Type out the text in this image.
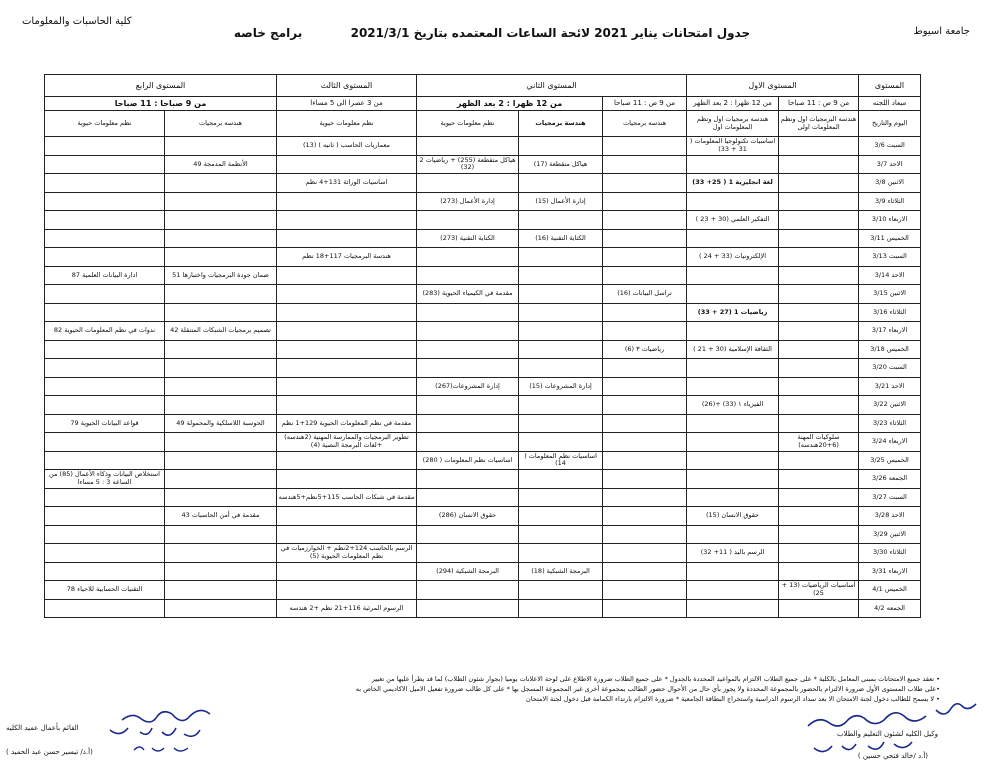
جامعة اسيوط
كلية الحاسبات والمعلومات
جدول امتحانات يناير 2021 لائحة الساعات المعتمده بتاريخ 2021/3/1  برامج خاصه
المستوى	المستوى الاول		المستوى الثاني			المستوى الثالث	المستوى الرابع	
ميعاد اللجنه	من 9 ص : 11 صباحا	من 12 ظهرا : 2 بعد الظهر	من 9 ص : 11 صباحا	من 12 ظهرا : 2 بعد الظهر		من 3 عصرا الى 5 مساءا	من 9 صباحا : 11 صباحا	
اليوم والتاريخ	هندسه البرمجيات اول ونظم المعلومات اولى	هندسه برمجيات اول ونظم المعلومات اول	هندسه برمجيات	هندسة برمجيات	نظم معلومات حيوية	نظم معلومات حيوية	هندسه برمجيات	نظم معلومات حيوية
السبت 3/6		اساسيات تكنولوجيا المعلومات ( 31 + 33)				معماريات الحاسب ( ثانيه ) (13)		
الاحد 3/7				هياكل متقطعة (17)	هياكل متقطعة (255) + رياضيات 2 (32)		الأنظمة المدمجة 49	
الاثنين 3/8		لغة انجليزية 1 ( 25+ 33)				اساسيات الوراثة 131+4 نظم		
الثلاثاء 3/9				إدارة الأعمال (15)	إدارة الأعمال (273)			
الاربعاء 3/10		التفكير العلمي (30 + 23 )						
الخميس 3/11				الكتابة التقنية (16)	الكتابة التقنية (273)			
السبت 3/13		الإلكترونيات (33 + 24 )				هندسة البرمجيات 117+18 نظم		
الاحد 3/14							ضمان جودة البرمجيات واختبارها 51	ادارة البيانات العلمية 87
الاثنين 3/15			تراسل البيانات (16)		مقدمة في الكيمياء الحيوية (283)			
الثلاثاء 3/16		رياضيات 1 (27 + 33)						
الاربعاء 3/17							تصميم برمجيات الشبكات المتنقلة 42	ندوات في نظم المعلومات الحيوية 82
الخميس 3/18		الثقافة الإسلامية (30 + 21 )	رياضيات ٣ (6)					
السبت 3/20								
الاحد 3/21				إدارة المشروعات (15)	إدارة المشروعات(267)			
الاثنين 3/22		الفيزياء ١ (33) +(26)						
الثلاثاء 3/23						مقدمة في نظم المعلومات الحيوية 129+1 نظم	الحوسبة اللاسلكية والمحمولة 49	قواعد البيانات الحيوية 79
الاربعاء 3/24	سلوكيات المهنة (6+20هندسه)					تطوير البرمجيات والممارسة المهنية (2هندسه) +لغات البرمجة النصية (4)		
الخميس 3/25				اساسيات نظم المعلومات ( 14)	اساسيات نظم المعلومات ( 280)			
الجمعه 3/26								استخلاص البيانات وذكاء الأعمال (85) من الساعه 3 : 5 مساءا
السبت 3/27						مقدمة في شبكات الحاسب 115+5نظم+5هندسه		
الاحد 3/28		حقوق الانسان (15)			حقوق الانسان (286)		مقدمة في أمن الحاسبات 43	
الاثنين 3/29								
الثلاثاء 3/30		الرسم باليد ( 11+ 32)				الرسم بالحاسب 124+2نظم + الخوارزميات في نظم المعلومات الحيوية (5)		
الاربعاء 3/31				البرمجة الشبكية (18)	البرمجة الشبكية (294)			
الخميس 4/1	أساسيات الرياضيات (13 + 25)							التقنيات الحسابية للاحياء 78
الجمعه 4/2						الرسوم المرئية 116+21 نظم +2 هندسه		
• تعقد جميع الامتحانات بمبنى المعامل بالكلية * على جميع الطلاب الالتزام بالمواعيد المحددة بالجدول * على جميع الطلاب ضرورة الاطلاع على لوحة الاعلانات يوميا (بجوار شئون الطلاب) لما قد يطرأ عليها من تغيير
•على طلاب المستوى الأول ضرورة الالتزام بالحضور بالمجموعة المحددة ولا يجوز بأي حال من الأحوال حضور الطالب بمجموعة أخرى غير المجموعة المسجل بها * على كل طالب ضرورة تفعيل الاميل الاكاديمي الخاص به
• لا يسمح للطالب دخول لجنة الامتحان الا بعد سداد الرسوم الدراسية واستخراج البطاقة الجامعية * ضرورة الالتزام بارتداء الكمامة قبل دخول لجنة الامتحان
القائم بأعمال عميد الكليه
(أ.د/ تيسير حسن عبد الحميد )
وكيل الكليه لشئون التعليم والطلاب
(أ.د /خالد فتحي حسين )
